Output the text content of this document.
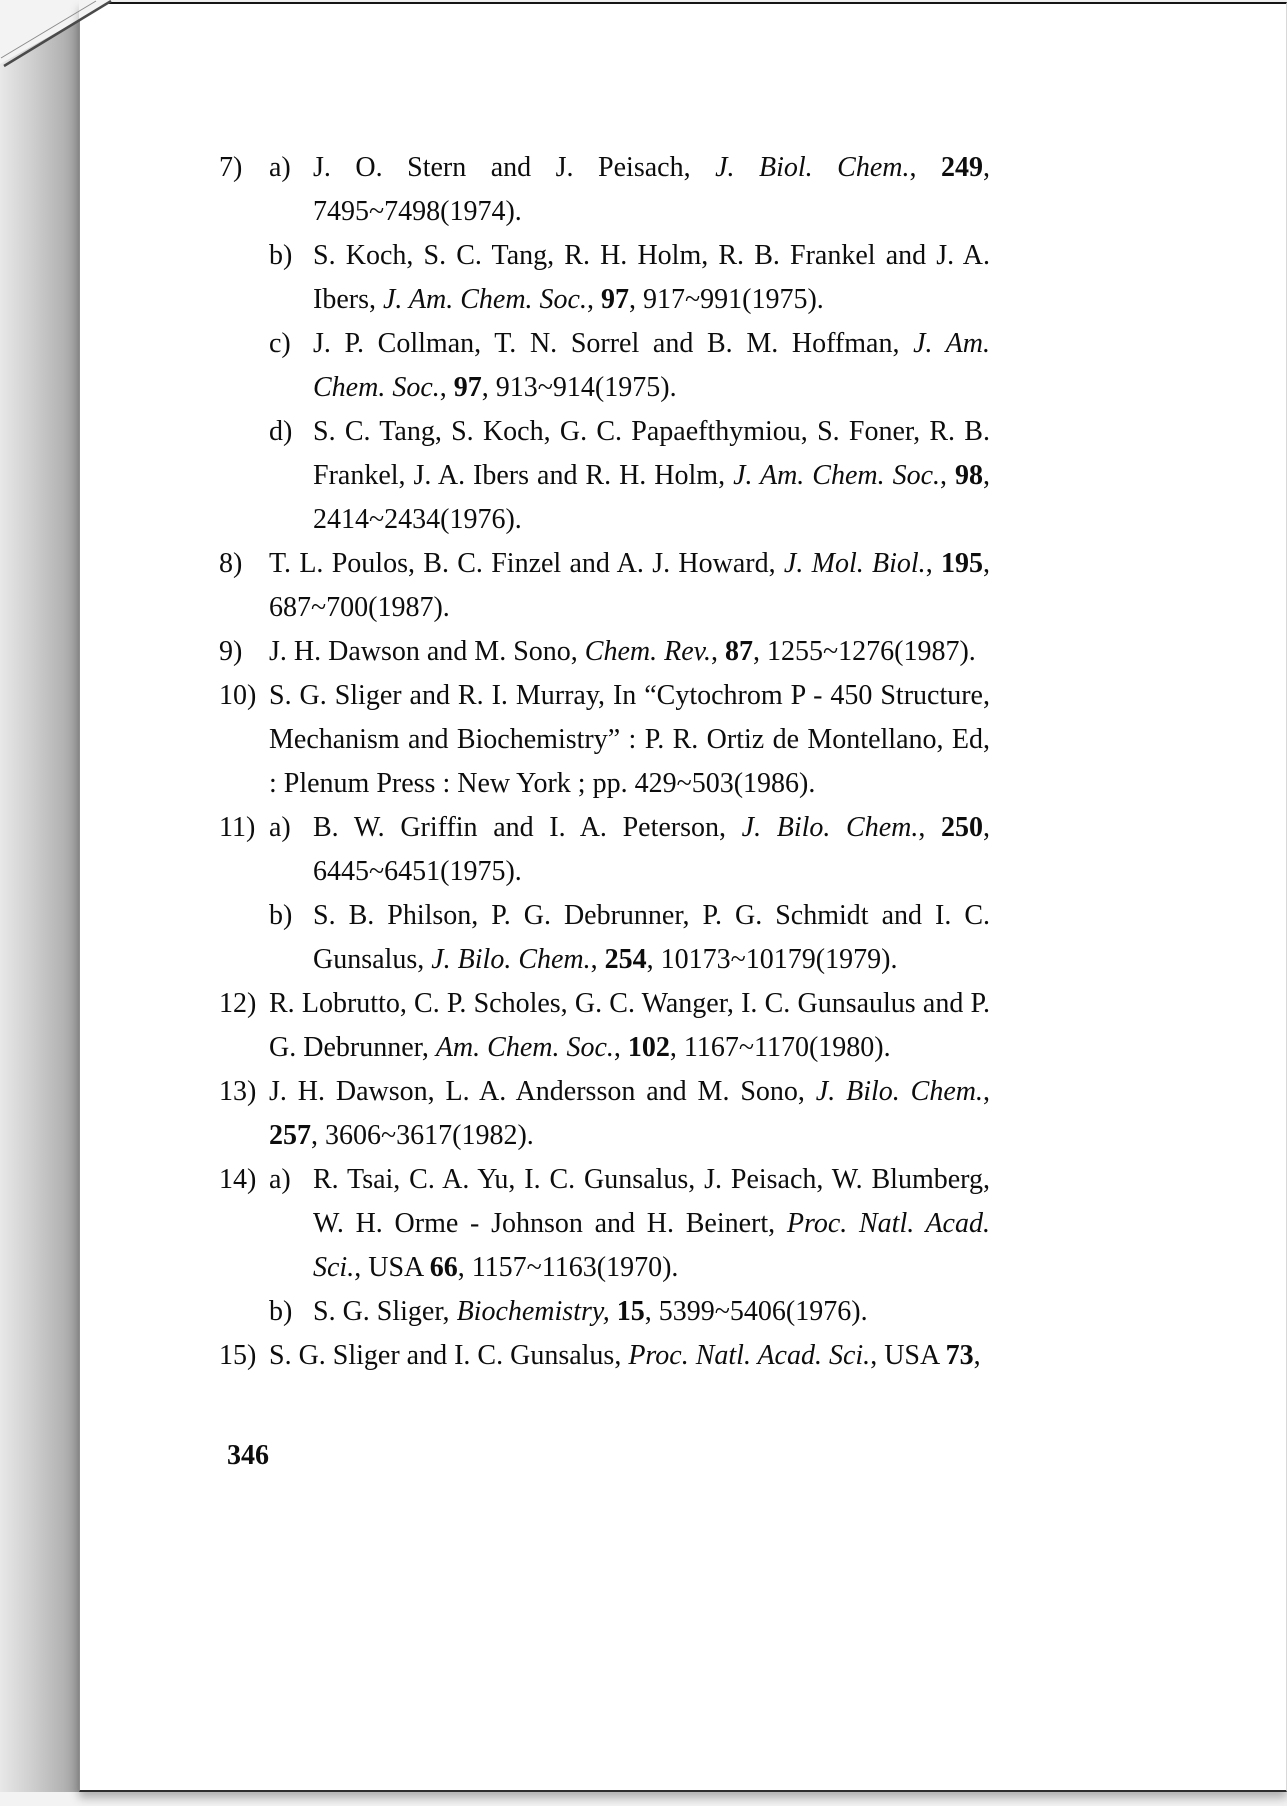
7) a) J. O. Stern and J. Peisach, J. Biol. Chem., 249, 7495~7498(1974).
b) S. Koch, S. C. Tang, R. H. Holm, R. B. Frankel and J. A. Ibers, J. Am. Chem. Soc., 97, 917~991(1975).
c) J. P. Collman, T. N. Sorrel and B. M. Hoffman, J. Am. Chem. Soc., 97, 913~914(1975).
d) S. C. Tang, S. Koch, G. C. Papaefthymiou, S. Foner, R. B. Frankel, J. A. Ibers and R. H. Holm, J. Am. Chem. Soc., 98, 2414~2434(1976).
8) T. L. Poulos, B. C. Finzel and A. J. Howard, J. Mol. Biol., 195, 687~700(1987).
9) J. H. Dawson and M. Sono, Chem. Rev., 87, 1255~1276(1987).
10) S. G. Sliger and R. I. Murray, In “Cytochrom P - 450 Structure, Mechanism and Biochemistry” : P. R. Ortiz de Montellano, Ed, : Plenum Press : New York ; pp. 429~503(1986).
11) a) B. W. Griffin and I. A. Peterson, J. Bilo. Chem., 250, 6445~6451(1975).
b) S. B. Philson, P. G. Debrunner, P. G. Schmidt and I. C. Gunsalus, J. Bilo. Chem., 254, 10173~10179(1979).
12) R. Lobrutto, C. P. Scholes, G. C. Wanger, I. C. Gunsaulus and P. G. Debrunner, Am. Chem. Soc., 102, 1167~1170(1980).
13) J. H. Dawson, L. A. Andersson and M. Sono, J. Bilo. Chem., 257, 3606~3617(1982).
14) a) R. Tsai, C. A. Yu, I. C. Gunsalus, J. Peisach, W. Blumberg, W. H. Orme - Johnson and H. Beinert, Proc. Natl. Acad. Sci., USA 66, 1157~1163(1970).
b) S. G. Sliger, Biochemistry, 15, 5399~5406(1976).
15) S. G. Sliger and I. C. Gunsalus, Proc. Natl. Acad. Sci., USA 73,
346
